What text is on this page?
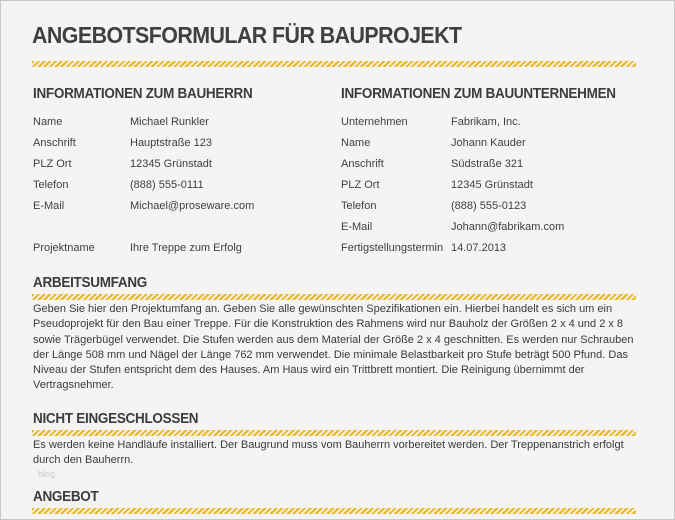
ANGEBOTSFORMULAR FÜR BAUPROJEKT
INFORMATIONEN ZUM BAUHERRN
Name	Michael Runkler
Anschrift	Hauptstraße 123
PLZ Ort	12345 Grünstadt
Telefon	(888) 555-0111
E-Mail	Michael@proseware.com
Projektname	Ihre Treppe zum Erfolg
INFORMATIONEN ZUM BAUUNTERNEHMEN
Unternehmen	Fabrikam, Inc.
Name	Johann Kauder
Anschrift	Südstraße 321
PLZ Ort	12345 Grünstadt
Telefon	(888) 555-0123
E-Mail	Johann@fabrikam.com
Fertigstellungstermin 14.07.2013
ARBEITSUMFANG
Geben Sie hier den Projektumfang an. Geben Sie alle gewünschten Spezifikationen ein. Hierbei handelt es sich um ein Pseudoprojekt für den Bau einer Treppe. Für die Konstruktion des Rahmens wird nur Bauholz der Größen 2 x 4 und 2 x 8 sowie Trägerbügel verwendet. Die Stufen werden aus dem Material der Größe 2 x 4 geschnitten. Es werden nur Schrauben der Länge 508 mm und Nägel der Länge 762 mm verwendet. Die minimale Belastbarkeit pro Stufe beträgt 500 Pfund. Das Niveau der Stufen entspricht dem des Hauses. Am Haus wird ein Trittbrett montiert. Die Reinigung übernimmt der Vertragsnehmer.
NICHT EINGESCHLOSSEN
Es werden keine Handläufe installiert. Der Baugrund muss vom Bauherrn vorbereitet werden. Der Treppenanstrich erfolgt durch den Bauherrn.
blog
ANGEBOT
